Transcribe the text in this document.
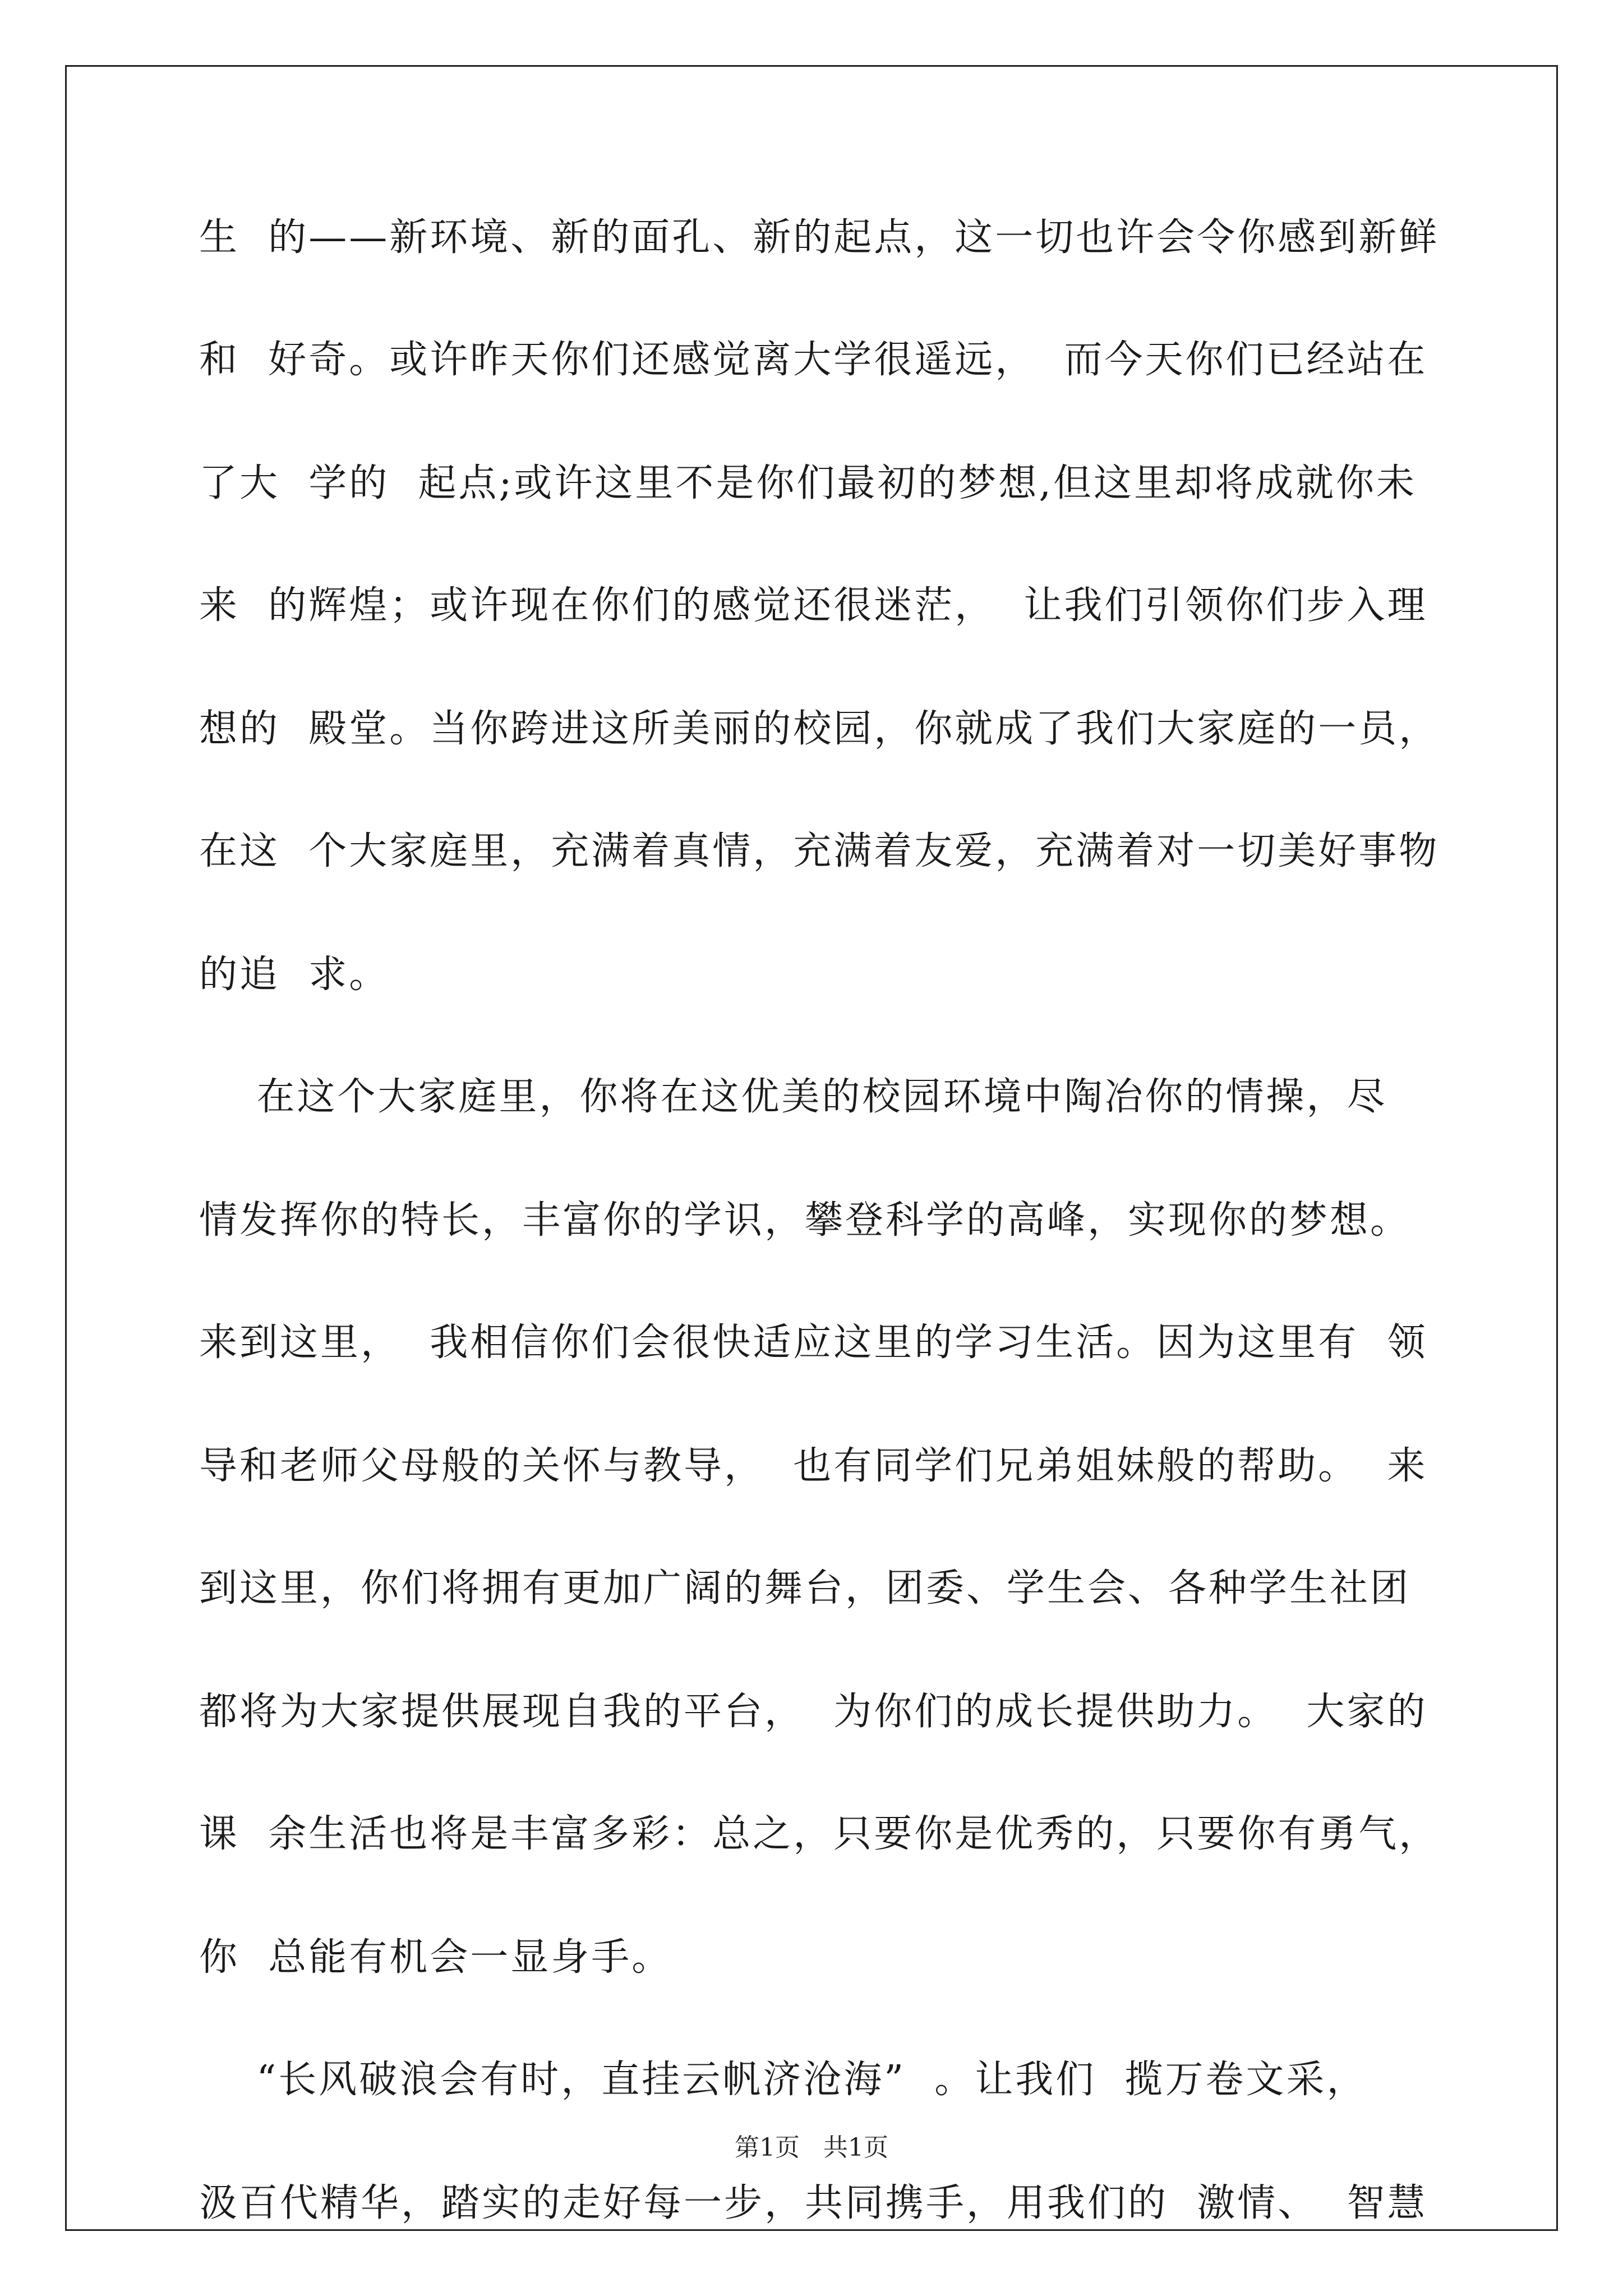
生  的——新环境、新的面孔、新的起点，这一切也许会令你感到新鲜

和  好奇。或许昨天你们还感觉离大学很遥远，  而今天你们已经站在

了大  学的  起点;或许这里不是你们最初的梦想,但这里却将成就你未

来  的辉煌；或许现在你们的感觉还很迷茫，  让我们引领你们步入理

想的  殿堂。当你跨进这所美丽的校园，你就成了我们大家庭的一员，

在这  个大家庭里，充满着真情，充满着友爱，充满着对一切美好事物

的追  求。

在这个大家庭里，你将在这优美的校园环境中陶冶你的情操，尽

情发挥你的特长，丰富你的学识，攀登科学的高峰，实现你的梦想。

来到这里，  我相信你们会很快适应这里的学习生活。因为这里有  领

导和老师父母般的关怀与教导，  也有同学们兄弟姐妹般的帮助。  来

到这里，你们将拥有更加广阔的舞台，团委、学生会、各种学生社团

都将为大家提供展现自我的平台，  为你们的成长提供助力。  大家的

课  余生活也将是丰富多彩：总之，只要你是优秀的，只要你有勇气，

你  总能有机会一显身手。

“长风破浪会有时，直挂云帆济沧海”  。让我们  揽万卷文采，

汲百代精华，踏实的走好每一步，共同携手，用我们的  激情、  智慧

第1页   共1页
